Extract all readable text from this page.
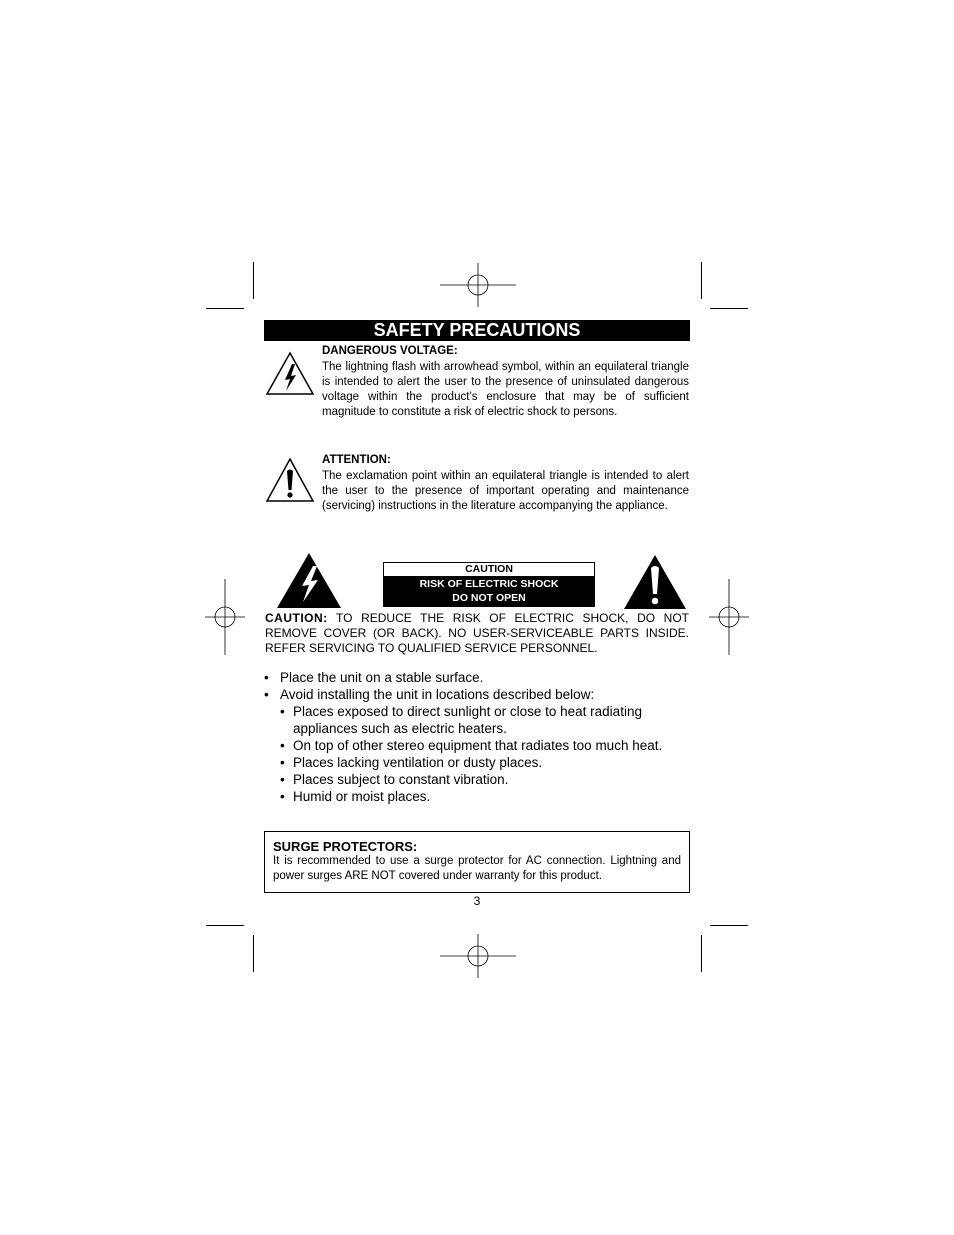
SAFETY PRECAUTIONS
DANGEROUS VOLTAGE:
The lightning flash with arrowhead symbol, within an equilateral triangle is intended to alert the user to the presence of uninsulated dangerous voltage within the product’s enclosure that may be of sufficient magnitude to constitute a risk of electric shock to persons.
ATTENTION:
The exclamation point within an equilateral triangle is intended to alert the user to the presence of important operating and maintenance (servicing) instructions in the literature accompanying the appliance.
CAUTION
RISK OF ELECTRIC SHOCK
DO NOT OPEN
CAUTION: TO REDUCE THE RISK OF ELECTRIC SHOCK, DO NOT REMOVE COVER (OR BACK). NO USER-SERVICEABLE PARTS INSIDE. REFER SERVICING TO QUALIFIED SERVICE PERSONNEL.
• Place the unit on a stable surface.
• Avoid installing the unit in locations described below:
• Places exposed to direct sunlight or close to heat radiating appliances such as electric heaters.
• On top of other stereo equipment that radiates too much heat.
• Places lacking ventilation or dusty places.
• Places subject to constant vibration.
• Humid or moist places.
SURGE PROTECTORS:
It is recommended to use a surge protector for AC connection. Lightning and power surges ARE NOT covered under warranty for this product.
3
